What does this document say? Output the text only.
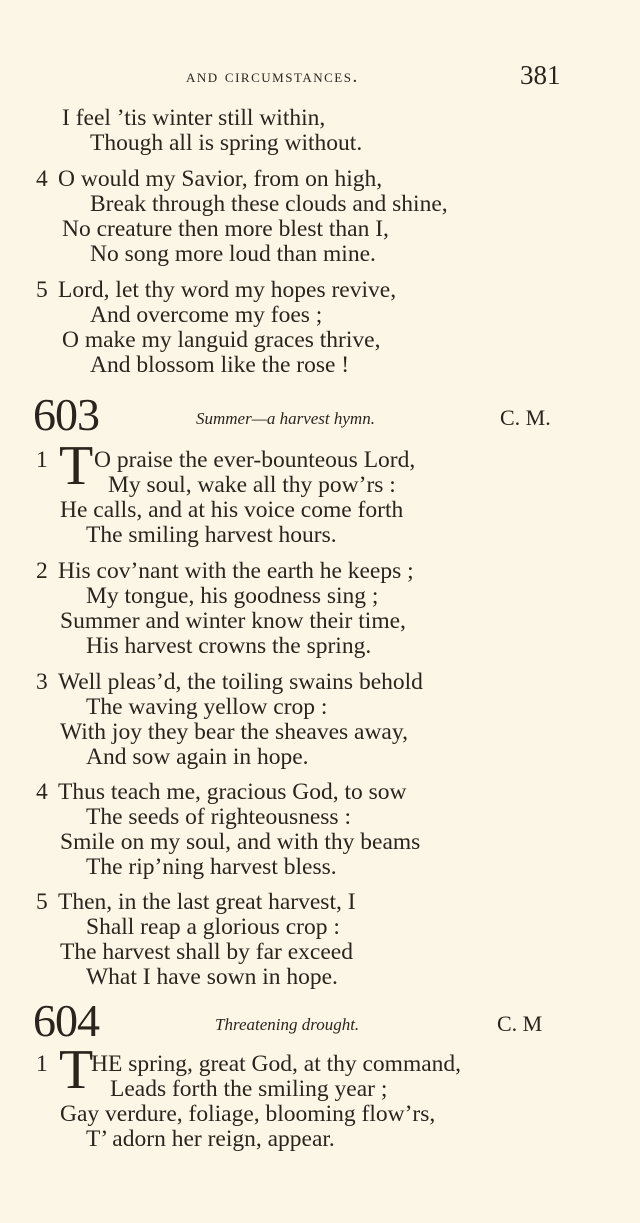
and circumstances.	381
I feel ’tis winter still within,
Though all is spring without.
4 O would my Savior, from on high,
Break through these clouds and shine,
No creature then more blest than I,
No song more loud than mine.
5 Lord, let thy word my hopes revive,
And overcome my foes ;
O make my languid graces thrive,
And blossom like the rose !
603	Summer—a harvest hymn.	C. M.
1 T O praise the ever-bounteous Lord,
My soul, wake all thy pow’rs :
He calls, and at his voice come forth
The smiling harvest hours.
2 His cov’nant with the earth he keeps ;
My tongue, his goodness sing ;
Summer and winter know their time,
His harvest crowns the spring.
3 Well pleas’d, the toiling swains behold
The waving yellow crop :
With joy they bear the sheaves away,
And sow again in hope.
4 Thus teach me, gracious God, to sow
The seeds of righteousness :
Smile on my soul, and with thy beams
The rip’ning harvest bless.
5 Then, in the last great harvest, I
Shall reap a glorious crop :
The harvest shall by far exceed
What I have sown in hope.
604	Threatening drought.	C. M
1 T
HE spring, great God, at thy command,
Leads forth the smiling year ;
Gay verdure, foliage, blooming flow’rs,
T’ adorn her reign, appear.
